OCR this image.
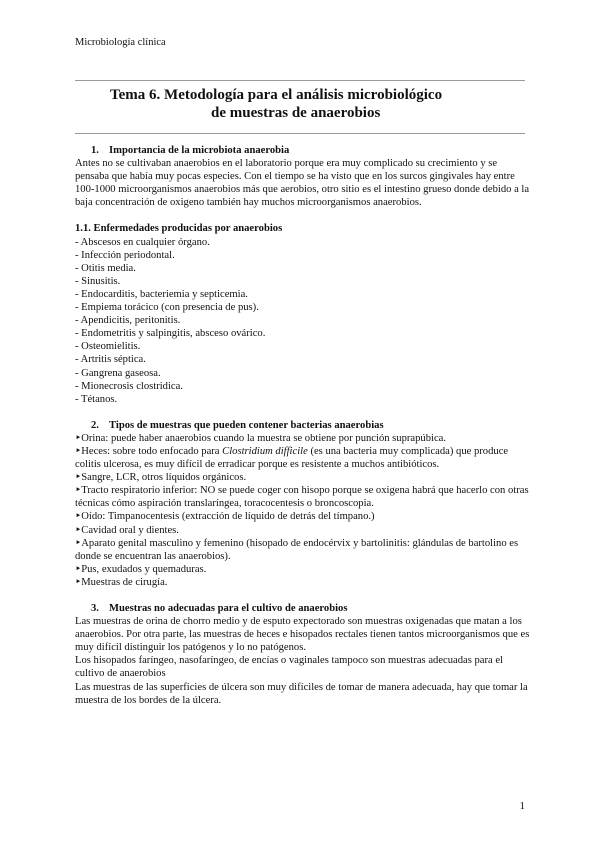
Microbiología clínica
Tema 6. Metodología para el análisis microbiológico
de muestras de anaerobios

1. Importancia de la microbiota anaerobia

Antes no se cultivaban anaerobios en el laboratorio porque era muy complicado su crecimiento y se pensaba que había muy pocas especies. Con el tiempo se ha visto que en los surcos gingivales hay entre 100-1000 microorganismos anaerobios más que aerobios, otro sitio es el intestino grueso donde debido a la baja concentración de oxigeno también hay muchos microorganismos anaerobios.

1.1. Enfermedades producidas por anaerobios

- Abscesos en cualquier órgano.
- Infección periodontal.
- Otitis media.
- Sinusitis.
- Endocarditis, bacteriemia y septicemia.
- Empiema torácico (con presencia de pus).
- Apendicitis, peritonitis.
- Endometritis y salpingitis, absceso ovárico.
- Osteomielitis.
- Artritis séptica.
- Gangrena gaseosa.
- Mionecrosis clostridica.
- Tétanos.

2. Tipos de muestras que pueden contener bacterias anaerobias

‣Orina: puede haber anaerobios cuando la muestra se obtiene por punción suprapúbica.
‣Heces: sobre todo enfocado para Clostridium difficile (es una bacteria muy complicada) que produce colitis ulcerosa, es muy difícil de erradicar porque es resistente a muchos antibióticos.
‣Sangre, LCR, otros líquidos orgánicos.
‣Tracto respiratorio inferior: NO se puede coger con hisopo porque se oxigena habrá que hacerlo con otras técnicas cómo aspiración translaríngea, toracocentesis o broncoscopia.
‣Oído: Timpanocentesis (extracción de líquido de detrás del tímpano.)
‣Cavidad oral y dientes.
‣Aparato genital masculino y femenino (hisopado de endocérvix y bartolinitis: glándulas de bartolino es donde se encuentran las anaerobios).
‣Pus, exudados y quemaduras.
‣Muestras de cirugía.

3. Muestras no adecuadas para el cultivo de anaerobios

Las muestras de orina de chorro medio y de esputo expectorado son muestras oxigenadas que matan a los anaerobios. Por otra parte, las muestras de heces e hisopados rectales tienen tantos microorganismos que es muy difícil distinguir los patógenos y lo no patógenos.

Los hisopados faríngeo, nasofaríngeo, de encías o vaginales tampoco son muestras adecuadas para el cultivo de anaerobios

Las muestras de las superficies de úlcera son muy difíciles de tomar de manera adecuada, hay que tomar la muestra de los bordes de la úlcera.

1
